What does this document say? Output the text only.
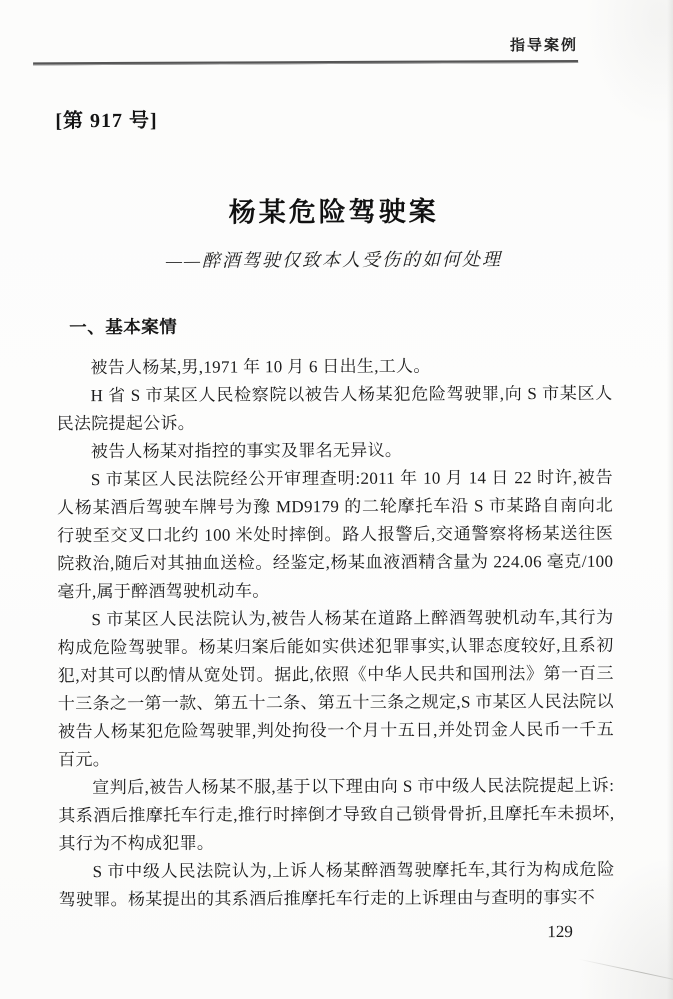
指导案例
[第 917 号]
杨某危险驾驶案
——醉酒驾驶仅致本人受伤的如何处理
一、基本案情

被告人杨某,男,1971 年 10 月 6 日出生,工人。

H 省 S 市某区人民检察院以被告人杨某犯危险驾驶罪,向 S 市某区人民法院提起公诉。

被告人杨某对指控的事实及罪名无异议。

S 市某区人民法院经公开审理查明:2011 年 10 月 14 日 22 时许,被告人杨某酒后驾驶车牌号为豫 MD9179 的二轮摩托车沿 S 市某路自南向北行驶至交叉口北约 100 米处时摔倒。路人报警后,交通警察将杨某送往医院救治,随后对其抽血送检。经鉴定,杨某血液酒精含量为 224.06 毫克/100 毫升,属于醉酒驾驶机动车。

S 市某区人民法院认为,被告人杨某在道路上醉酒驾驶机动车,其行为构成危险驾驶罪。杨某归案后能如实供述犯罪事实,认罪态度较好,且系初犯,对其可以酌情从宽处罚。据此,依照《中华人民共和国刑法》第一百三十三条之一第一款、第五十二条、第五十三条之规定,S 市某区人民法院以被告人杨某犯危险驾驶罪,判处拘役一个月十五日,并处罚金人民币一千五百元。

宣判后,被告人杨某不服,基于以下理由向 S 市中级人民法院提起上诉:其系酒后推摩托车行走,推行时摔倒才导致自己锁骨骨折,且摩托车未损坏,其行为不构成犯罪。

S 市中级人民法院认为,上诉人杨某醉酒驾驶摩托车,其行为构成危险驾驶罪。杨某提出的其系酒后推摩托车行走的上诉理由与查明的事实不

129
